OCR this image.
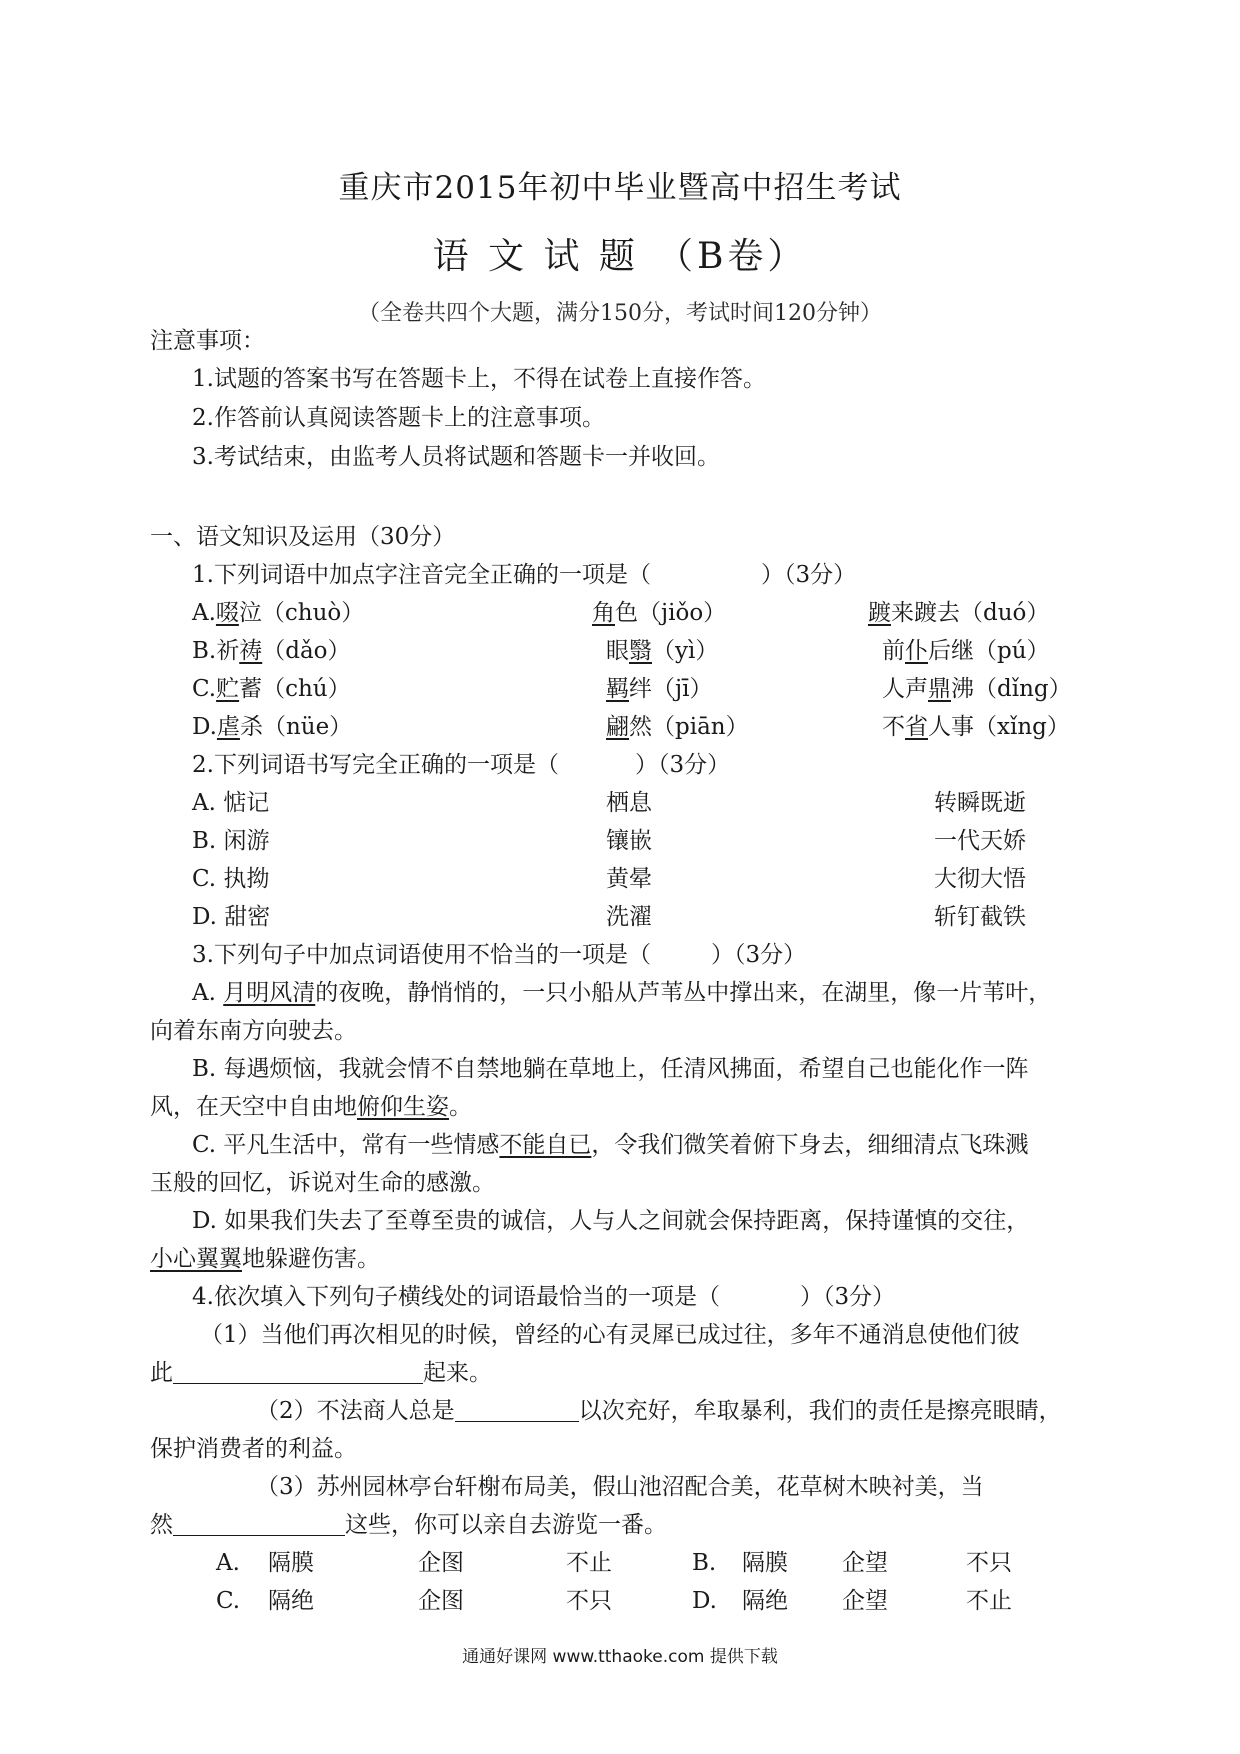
重庆市2015年初中毕业暨高中招生考试
语 文 试 题 （B卷）
（全卷共四个大题，满分150分，考试时间120分钟）
注意事项：
1.试题的答案书写在答题卡上，不得在试卷上直接作答。
2.作答前认真阅读答题卡上的注意事项。
3.考试结束，由监考人员将试题和答题卡一并收回。
一、语文知识及运用（30分）
1.下列词语中加点字注音完全正确的一项是（	）（3分）
A.啜泣（chuò）	角色（jiǒo）	踱来踱去（duó）
B.祈祷（dǎo）	眼翳（yì）	前仆后继（pú）
C.贮蓄（chú）	羁绊（jī）	人声鼎沸（dǐng）
D.虐杀（nüe）	翩然（piān）	不省人事（xǐng）
2.下列词语书写完全正确的一项是（	）（3分）
A. 惦记	栖息	转瞬既逝
B. 闲游	镶嵌	一代天娇
C. 执拗	黄晕	大彻大悟
D. 甜密	洗濯	斩钉截铁
3.下列句子中加点词语使用不恰当的一项是（	）（3分）
A. 月明风清的夜晚，静悄悄的，一只小船从芦苇丛中撑出来，在湖里，像一片苇叶，
向着东南方向驶去。
B. 每遇烦恼，我就会情不自禁地躺在草地上，任清风拂面，希望自己也能化作一阵
风，在天空中自由地俯仰生姿。
C. 平凡生活中，常有一些情感不能自已，令我们微笑着俯下身去，细细清点飞珠溅
玉般的回忆，诉说对生命的感激。
D. 如果我们失去了至尊至贵的诚信，人与人之间就会保持距离，保持谨慎的交往，
小心翼翼地躲避伤害。
4.依次填入下列句子横线处的词语最恰当的一项是（	）（3分）
（1）当他们再次相见的时候，曾经的心有灵犀已成过往，多年不通消息使他们彼
此	起来。
（2）不法商人总是	以次充好，牟取暴利，我们的责任是擦亮眼睛，
保护消费者的利益。
（3）苏州园林亭台轩榭布局美，假山池沼配合美，花草树木映衬美，当
然	这些，你可以亲自去游览一番。
A. 隔膜	企图	不止	B. 隔膜 企望	不只
C. 隔绝	企图	不只	D. 隔绝 企望	不止
通通好课网 www.tthaoke.com 提供下载
